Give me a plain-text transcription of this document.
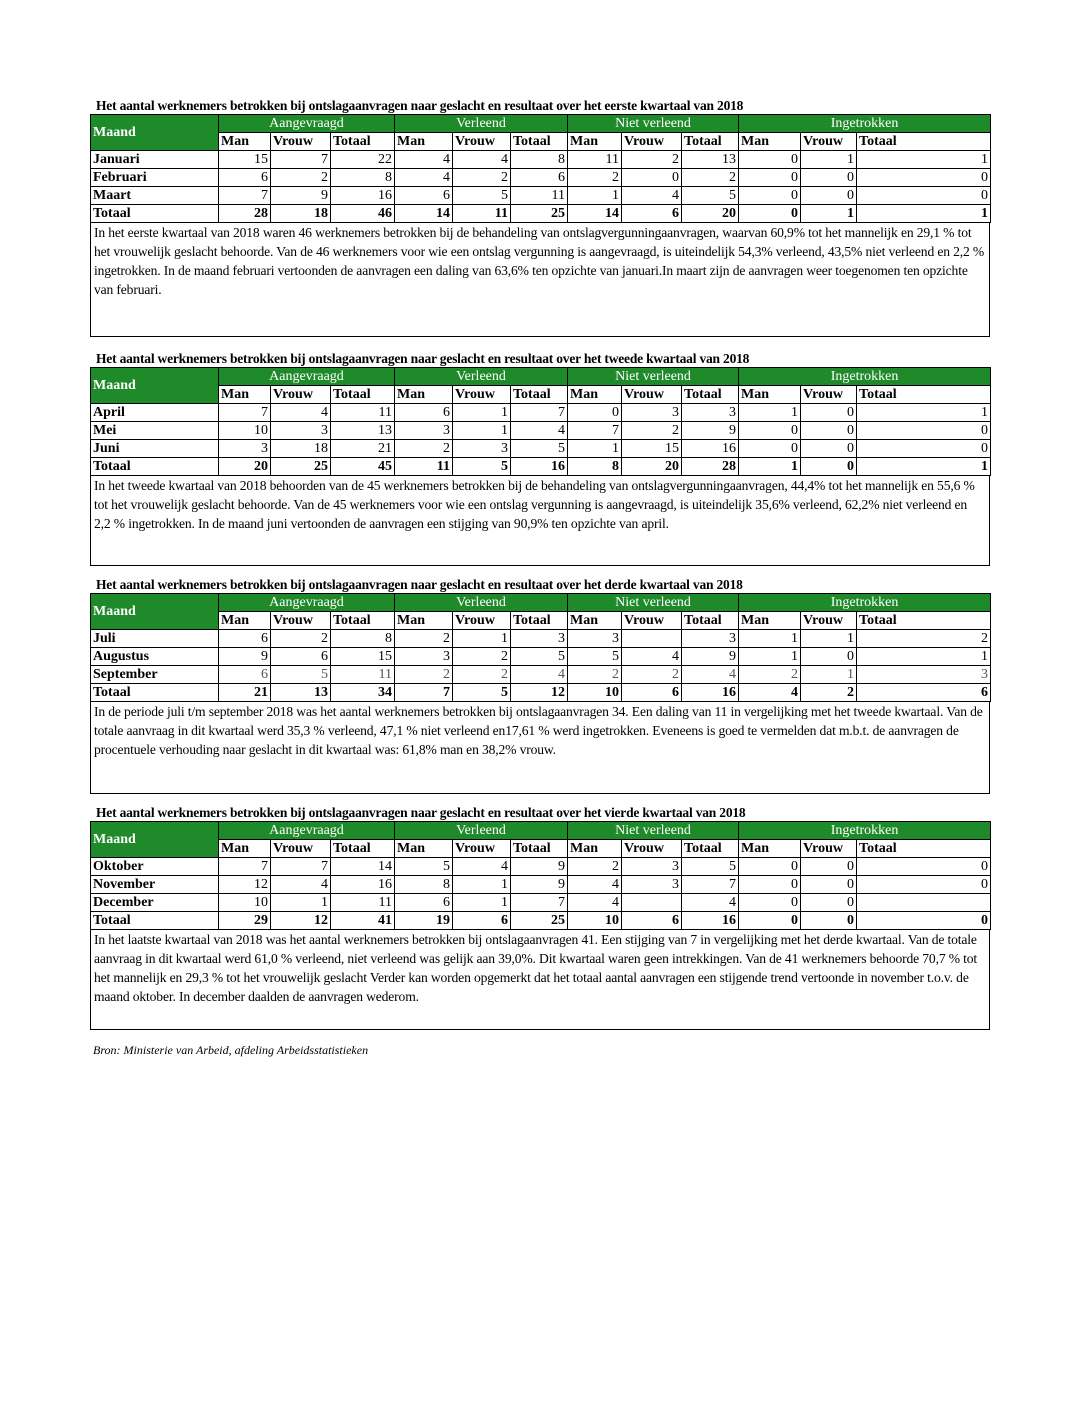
Het aantal werknemers betrokken bij ontslagaanvragen naar geslacht en resultaat over het eerste kwartaal van 2018
Maand	Aangevraagd			Verleend			Niet verleend			Ingetrokken		
	Man	Vrouw	Totaal	Man	Vrouw	Totaal	Man	Vrouw	Totaal	Man	Vrouw	Totaal
Januari	15	7	22	4	4	8	11	2	13	0	1	1
Februari	6	2	8	4	2	6	2	0	2	0	0	0
Maart	7	9	16	6	5	11	1	4	5	0	0	0
Totaal	28	18	46	14	11	25	14	6	20	0	1	1

In het eerste kwartaal van 2018 waren 46 werknemers betrokken bij de behandeling van ontslagvergunningaanvragen, waarvan 60,9% tot het mannelijk en 29,1 % tot het vrouwelijk geslacht behoorde. Van de 46 werknemers voor wie een ontslag vergunning is aangevraagd, is uiteindelijk 54,3% verleend, 43,5% niet verleend en 2,2 % ingetrokken. In de maand februari vertoonden de aanvragen een daling van 63,6% ten opzichte van januari.In maart zijn de aanvragen weer toegenomen ten opzichte van februari.

Het aantal werknemers betrokken bij ontslagaanvragen naar geslacht en resultaat over het tweede kwartaal van 2018
Maand	Aangevraagd			Verleend			Niet verleend			Ingetrokken		
	Man	Vrouw	Totaal	Man	Vrouw	Totaal	Man	Vrouw	Totaal	Man	Vrouw	Totaal
April	7	4	11	6	1	7	0	3	3	1	0	1
Mei	10	3	13	3	1	4	7	2	9	0	0	0
Juni	3	18	21	2	3	5	1	15	16	0	0	0
Totaal	20	25	45	11	5	16	8	20	28	1	0	1

In het tweede kwartaal van 2018 behoorden van de 45 werknemers betrokken bij de behandeling van ontslagvergunningaanvragen, 44,4% tot het mannelijk en 55,6 % tot het vrouwelijk geslacht behoorde. Van de 45 werknemers voor wie een ontslag vergunning is aangevraagd, is uiteindelijk 35,6% verleend, 62,2% niet verleend en 2,2 % ingetrokken. In de maand juni vertoonden de aanvragen een stijging van 90,9% ten opzichte van april.

Het aantal werknemers betrokken bij ontslagaanvragen naar geslacht en resultaat over het derde kwartaal van 2018
Maand	Aangevraagd			Verleend			Niet verleend			Ingetrokken		
	Man	Vrouw	Totaal	Man	Vrouw	Totaal	Man	Vrouw	Totaal	Man	Vrouw	Totaal
Juli	6	2	8	2	1	3	3		3	1	1	2
Augustus	9	6	15	3	2	5	5	4	9	1	0	1
September	6	5	11	2	2	4	2	2	4	2	1	3
Totaal	21	13	34	7	5	12	10	6	16	4	2	6

In de periode juli t/m september 2018 was het aantal werknemers betrokken bij ontslagaanvragen 34. Een daling van 11 in vergelijking met het tweede kwartaal. Van de totale aanvraag in dit kwartaal werd 35,3 % verleend, 47,1 % niet verleend en17,61 % werd ingetrokken. Eveneens is goed te vermelden dat m.b.t. de aanvragen de procentuele verhouding naar geslacht in dit kwartaal was: 61,8% man en 38,2% vrouw.

Het aantal werknemers betrokken bij ontslagaanvragen naar geslacht en resultaat over het vierde kwartaal van 2018
Maand	Aangevraagd			Verleend			Niet verleend			Ingetrokken		
	Man	Vrouw	Totaal	Man	Vrouw	Totaal	Man	Vrouw	Totaal	Man	Vrouw	Totaal
Oktober	7	7	14	5	4	9	2	3	5	0	0	0
November	12	4	16	8	1	9	4	3	7	0	0	0
December	10	1	11	6	1	7	4		4	0	0	
Totaal	29	12	41	19	6	25	10	6	16	0	0	0

In het laatste kwartaal van 2018 was het aantal werknemers betrokken bij ontslagaanvragen 41. Een stijging van 7 in vergelijking met het derde kwartaal. Van de totale aanvraag in dit kwartaal werd 61,0 % verleend, niet verleend was gelijk aan 39,0%. Dit kwartaal waren geen intrekkingen. Van de 41 werknemers behoorde 70,7 % tot het mannelijk en 29,3 % tot het vrouwelijk geslacht Verder kan worden opgemerkt dat het totaal aantal aanvragen een stijgende trend vertoonde in november t.o.v. de maand oktober. In december daalden de aanvragen wederom.

Bron: Ministerie van Arbeid, afdeling Arbeidsstatistieken
